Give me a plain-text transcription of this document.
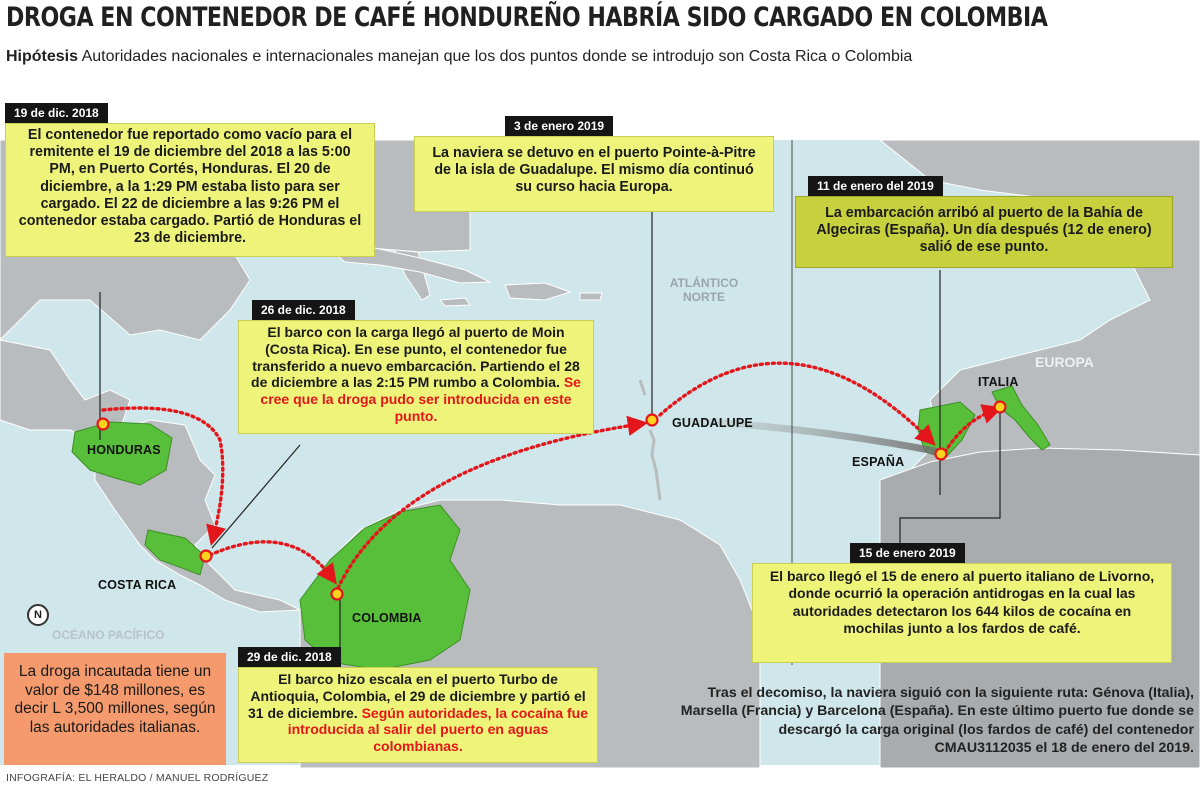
DROGA EN CONTENEDOR DE CAFÉ HONDUREÑO HABRÍA SIDO CARGADO EN COLOMBIA
Hipótesis Autoridades nacionales e internacionales manejan que los dos puntos donde se introdujo son Costa Rica o Colombia
HONDURAS
COSTA RICA
COLOMBIA
GUADALUPE
ESPAÑA
ITALIA
EUROPA
ATLÁNTICO NORTE
OCÉANO PACÍFICO
N
19 de dic. 2018
El contenedor fue reportado como vacío para el remitente el 19 de diciembre del 2018 a las 5:00 PM, en Puerto Cortés, Honduras. El 20 de diciembre, a la 1:29 PM estaba listo para ser cargado. El 22 de diciembre a las 9:26 PM el contenedor estaba cargado. Partió de Honduras el 23 de diciembre.
26 de dic. 2018
El barco con la carga llegó al puerto de Moin (Costa Rica). En ese punto, el contenedor fue transferido a nuevo embarcación. Partiendo el 28 de diciembre a las 2:15 PM rumbo a Colombia. Se cree que la droga pudo ser introducida en este punto.
29 de dic. 2018
El barco hizo escala en el puerto Turbo de Antioquia, Colombia, el 29 de diciembre y partió el 31 de diciembre. Según autoridades, la cocaína fue introducida al salir del puerto en aguas colombianas.
3 de enero 2019
La naviera se detuvo en el puerto Pointe-à-Pitre de la isla de Guadalupe. El mismo día continuó su curso hacia Europa.	11 de enero del 2019
La embarcación arribó al puerto de la Bahía de Algeciras (España). Un día después (12 de enero) salió de ese punto.
15 de enero 2019
El barco llegó el 15 de enero al puerto italiano de Livorno, donde ocurrió la operación antidrogas en la cual las autoridades detectaron los 644 kilos de cocaína en mochilas junto a los fardos de café.
La droga incautada tiene un valor de $148 millones, es decir L 3,500 millones, según las autoridades italianas.
Tras el decomiso, la naviera siguió con la siguiente ruta: Génova (Italia), Marsella (Francia) y Barcelona (España). En este último puerto fue donde se descargó la carga original (los fardos de café) del contenedor CMAU3112035 el 18 de enero del 2019.
INFOGRAFÍA: EL HERALDO / MANUEL RODRÍGUEZ
